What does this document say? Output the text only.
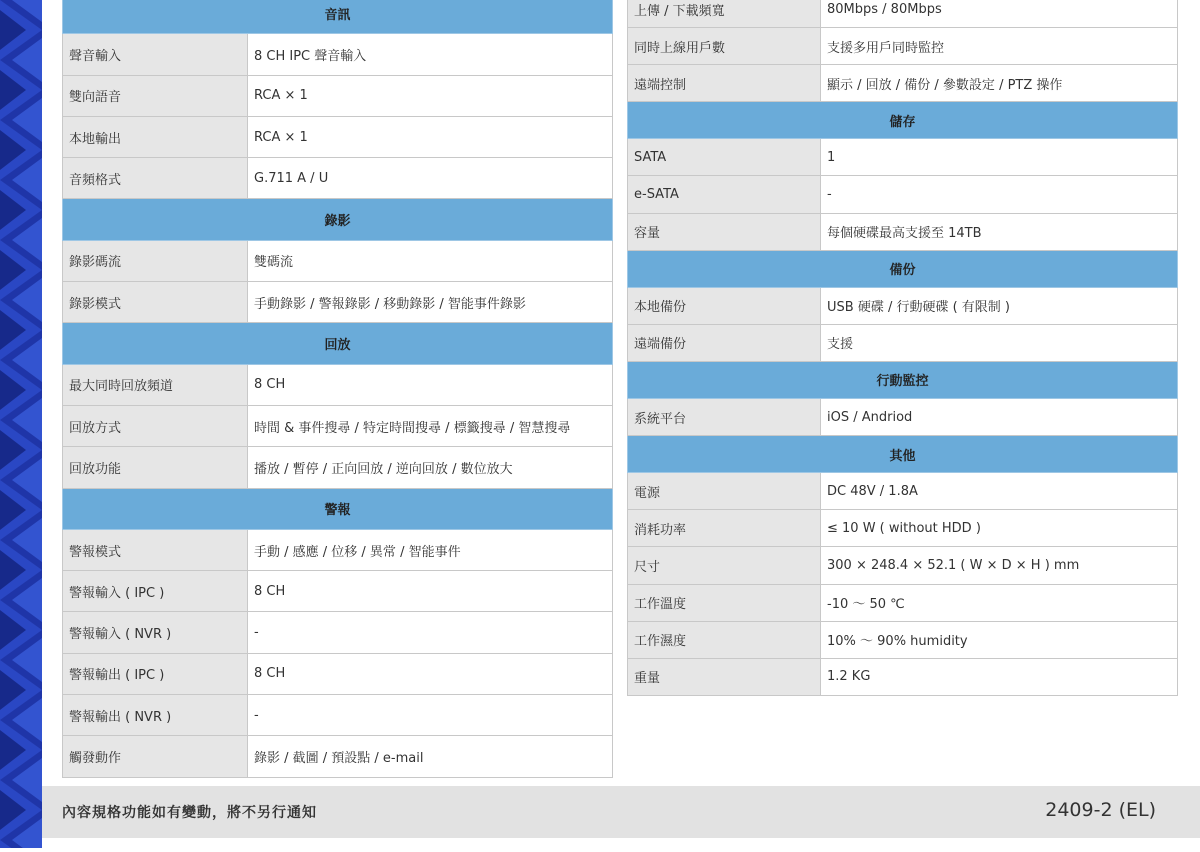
音訊	
聲音輸入	8 CH IPC 聲音輸入
雙向語音	RCA × 1
本地輸出	RCA × 1
音頻格式	G.711 A / U
錄影	
錄影碼流	雙碼流
錄影模式	手動錄影 / 警報錄影 / 移動錄影 / 智能事件錄影
回放	
最大同時回放頻道	8 CH
回放方式	時間 & 事件搜尋 / 特定時間搜尋 / 標籤搜尋 / 智慧搜尋
回放功能	播放 / 暫停 / 正向回放 / 逆向回放 / 數位放大
警報	
警報模式	手動 / 感應 / 位移 / 異常 / 智能事件
警報輸入 ( IPC )	8 CH
警報輸入 ( NVR )	-
警報輸出 ( IPC )	8 CH
警報輸出 ( NVR )	-
觸發動作	錄影 / 截圖 / 預設點 / e-mail
上傳 / 下載頻寬	80Mbps / 80Mbps
同時上線用戶數	支援多用戶同時監控
遠端控制	顯示 / 回放 / 備份 / 參數設定 / PTZ 操作
儲存	
SATA	1
e-SATA	-
容量	每個硬碟最高支援至 14TB
備份	
本地備份	USB 硬碟 / 行動硬碟 ( 有限制 )
遠端備份	支援
行動監控	
系統平台	iOS / Andriod
其他	
電源	DC 48V / 1.8A
消耗功率	≤ 10 W ( without HDD )
尺寸	300 × 248.4 × 52.1 ( W × D × H ) mm
工作溫度	-10 ～ 50 ℃
工作濕度	10% ～ 90% humidity
重量	1.2 KG
內容規格功能如有變動，將不另行通知	2409-2 (EL)
